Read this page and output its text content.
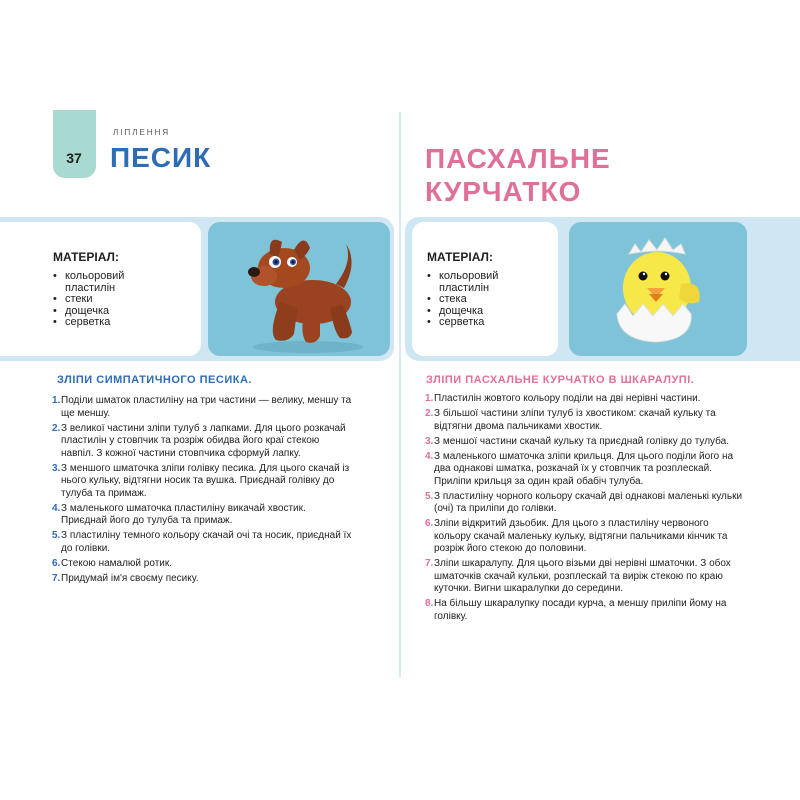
37
ЛІПЛЕННЯ
ПЕСИК	ПАСХАЛЬНЕ
КУРЧАТКО
МАТЕРІАЛ:
• кольоровий пластилін
• стеки
• дощечка
• серветка
МАТЕРІАЛ:
• кольоровий пластилін
• стека
• дощечка
• серветка
ЗЛІПИ СИМПАТИЧНОГО ПЕСИКА.	ЗЛІПИ ПАСХАЛЬНЕ КУРЧАТКО В ШКАРАЛУПІ.
1. Поділи шматок пластиліну на три частини — велику, меншу та ще меншу.
2. З великої частини зліпи тулуб з лапками. Для цього розкачай пластилін у стовпчик та розріж обидва його краї стекою навпіл. З кожної частини стовпчика сформуй лапку.
3. З меншого шматочка зліпи голівку песика. Для цього скачай із нього кульку, відтягни носик та вушка. Приєднай голівку до тулуба та примаж.
4. З маленького шматочка пластиліну викачай хвостик. Приєднай його до тулуба та примаж.
5. З пластиліну темного кольору скачай очі та носик, приєднай їх до голівки.
6. Стекою намалюй ротик.
7. Придумай ім'я своєму песику.
1. Пластилін жовтого кольору поділи на дві нерівні частини.
2. З більшої частини зліпи тулуб із хвостиком: скачай кульку та відтягни двома пальчиками хвостик.
3. З меншої частини скачай кульку та приєднай голівку до тулуба.
4. З маленького шматочка зліпи крильця. Для цього поділи його на два однакові шматка, розкачай їх у стовпчик та розплескай. Приліпи крильця за один край обабіч тулуба.
5. З пластиліну чорного кольору скачай дві однакові маленькі кульки (очі) та приліпи до голівки.
6. Зліпи відкритий дзьобик. Для цього з пластиліну червоного кольору скачай маленьку кульку, відтягни пальчиками кінчик та розріж його стекою до половини.
7. Зліпи шкаралупу. Для цього візьми дві нерівні шматочки. З обох шматочків скачай кульки, розплескай та виріж стекою по краю куточки. Вигни шкаралупки до середини.
8. На більшу шкаралупку посади курча, а меншу приліпи йому на голівку.
